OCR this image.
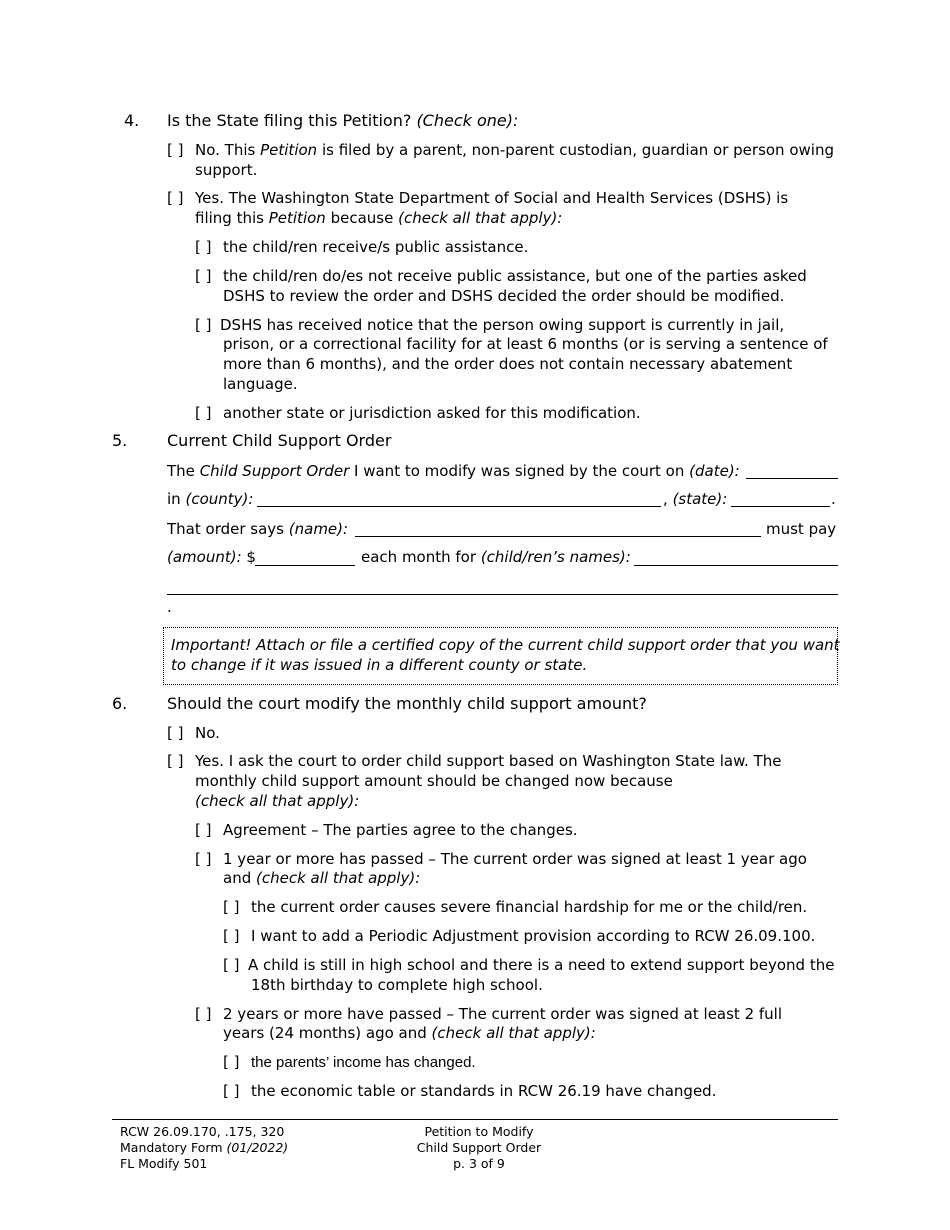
4. Is the State filing this Petition? (Check one):
[ ] No. This Petition is filed by a parent, non-parent custodian, guardian or person owing
support.
[ ] Yes. The Washington State Department of Social and Health Services (DSHS) is
filing this Petition because (check all that apply):
[ ] the child/ren receive/s public assistance.
[ ] the child/ren do/es not receive public assistance, but one of the parties asked
DSHS to review the order and DSHS decided the order should be modified.
[ ] DSHS has received notice that the person owing support is currently in jail,
prison, or a correctional facility for at least 6 months (or is serving a sentence of
more than 6 months), and the order does not contain necessary abatement
language.
[ ] another state or jurisdiction asked for this modification.
5. Current Child Support Order
The Child Support Order I want to modify was signed by the court on (date):
in (county):	, (state):	.
That order says (name):	must pay
(amount): $	each month for (child/ren’s names):
.
Important! Attach or file a certified copy of the current child support order that you want
to change if it was issued in a different county or state.
6. Should the court modify the monthly child support amount?
[ ] No.
[ ] Yes. I ask the court to order child support based on Washington State law. The
monthly child support amount should be changed now because
(check all that apply):
[ ] Agreement – The parties agree to the changes.
[ ] 1 year or more has passed – The current order was signed at least 1 year ago
and (check all that apply):
[ ] the current order causes severe financial hardship for me or the child/ren.
[ ] I want to add a Periodic Adjustment provision according to RCW 26.09.100.
[ ] A child is still in high school and there is a need to extend support beyond the
18th birthday to complete high school.
[ ] 2 years or more have passed – The current order was signed at least 2 full
years (24 months) ago and (check all that apply):
[ ] the parents’ income has changed.
[ ] the economic table or standards in RCW 26.19 have changed.
RCW 26.09.170, .175, 320
Mandatory Form (01/2022)
FL Modify 501
Petition to Modify
Child Support Order
p. 3 of 9
